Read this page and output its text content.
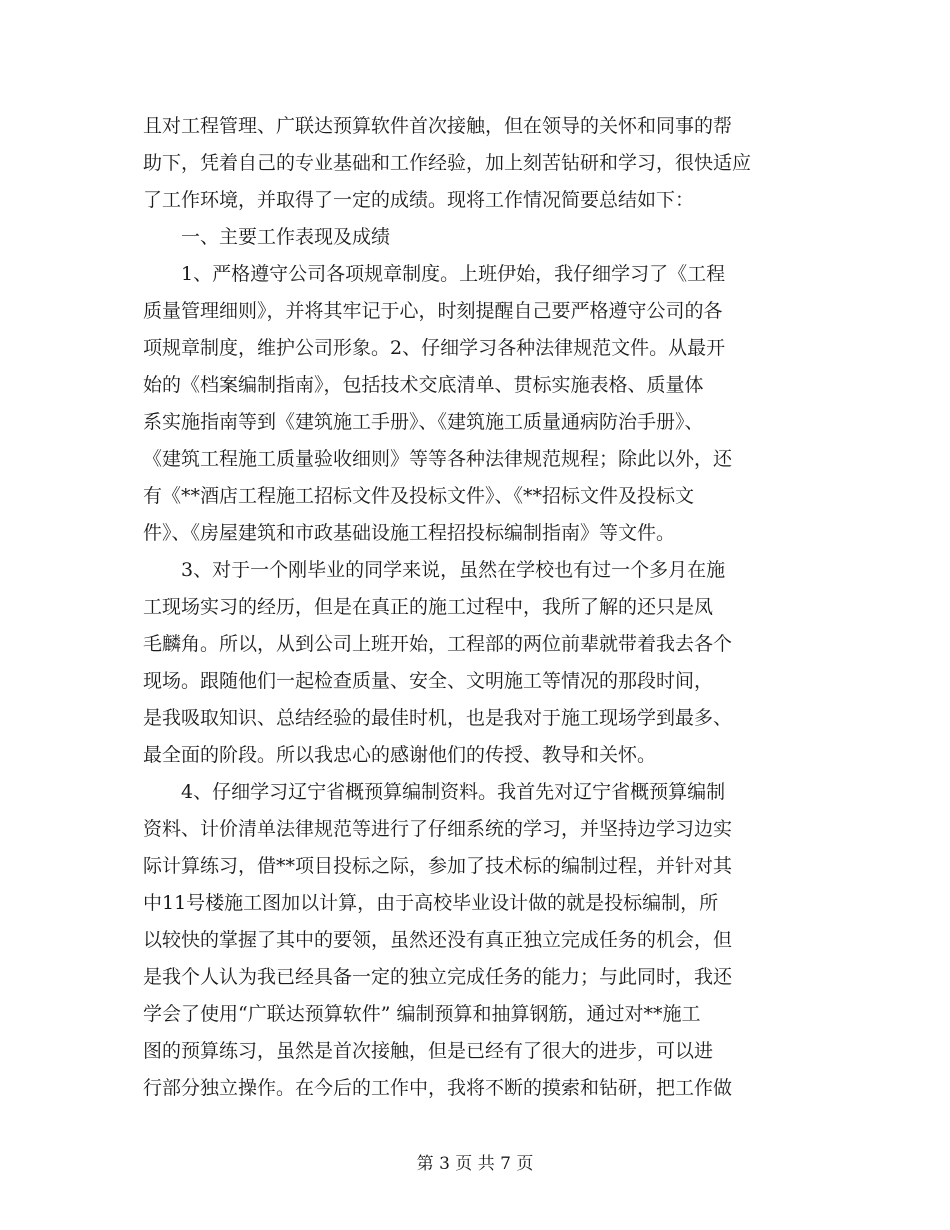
且对工程管理、广联达预算软件首次接触，但在领导的关怀和同事的帮
助下，凭着自己的专业基础和工作经验，加上刻苦钻研和学习，很快适应
了工作环境，并取得了一定的成绩。现将工作情况简要总结如下：
一、主要工作表现及成绩
1、严格遵守公司各项规章制度。上班伊始，我仔细学习了《工程
质量管理细则》，并将其牢记于心，时刻提醒自己要严格遵守公司的各
项规章制度，维护公司形象。2、仔细学习各种法律规范文件。从最开
始的《档案编制指南》，包括技术交底清单、贯标实施表格、质量体
系实施指南等到《建筑施工手册》、《建筑施工质量通病防治手册》、
《建筑工程施工质量验收细则》等等各种法律规范规程；除此以外，还
有《**酒店工程施工招标文件及投标文件》、《**招标文件及投标文
件》、《房屋建筑和市政基础设施工程招投标编制指南》等文件。
3、对于一个刚毕业的同学来说，虽然在学校也有过一个多月在施
工现场实习的经历，但是在真正的施工过程中，我所了解的还只是凤
毛麟角。所以，从到公司上班开始，工程部的两位前辈就带着我去各个
现场。跟随他们一起检查质量、安全、文明施工等情况的那段时间，
是我吸取知识、总结经验的最佳时机，也是我对于施工现场学到最多、
最全面的阶段。所以我忠心的感谢他们的传授、教导和关怀。
4、仔细学习辽宁省概预算编制资料。我首先对辽宁省概预算编制
资料、计价清单法律规范等进行了仔细系统的学习，并坚持边学习边实
际计算练习，借**项目投标之际，参加了技术标的编制过程，并针对其
中11号楼施工图加以计算，由于高校毕业设计做的就是投标编制，所
以较快的掌握了其中的要领，虽然还没有真正独立完成任务的机会，但
是我个人认为我已经具备一定的独立完成任务的能力；与此同时，我还
学会了使用“广联达预算软件” 编制预算和抽算钢筋，通过对**施工
图的预算练习，虽然是首次接触，但是已经有了很大的进步，可以进
行部分独立操作。在今后的工作中，我将不断的摸索和钻研，把工作做
第 3 页 共 7 页
